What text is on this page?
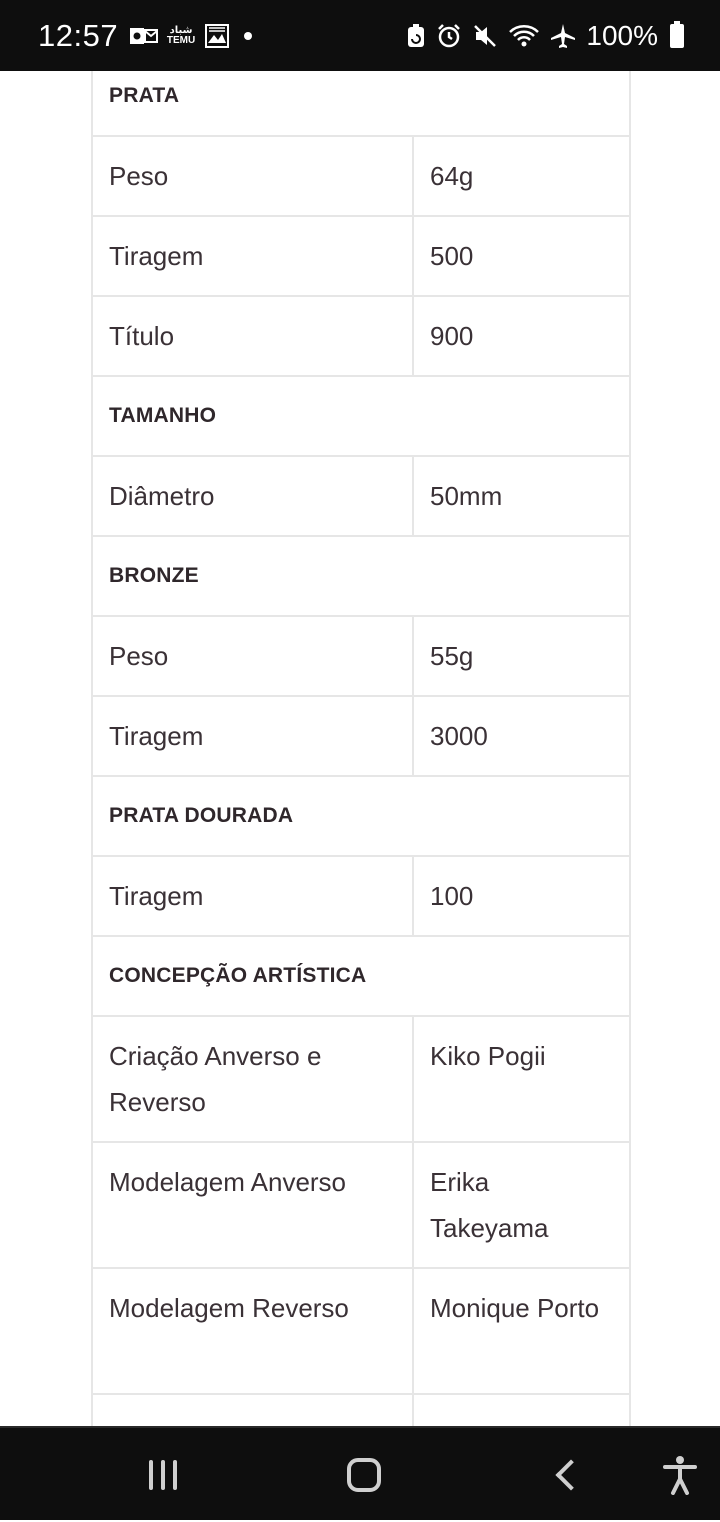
12:57	شباد
TEMU	100%
PRATA	
Peso	64g
Tiragem	500
Título	900
TAMANHO	
Diâmetro	50mm
BRONZE	
Peso	55g
Tiragem	3000
PRATA DOURADA	
Tiragem	100
CONCEPÇÃO ARTÍSTICA	
Criação Anverso e Reverso	Kiko Pogii
Modelagem Anverso	Erika Takeyama
Modelagem Reverso	Monique Porto
